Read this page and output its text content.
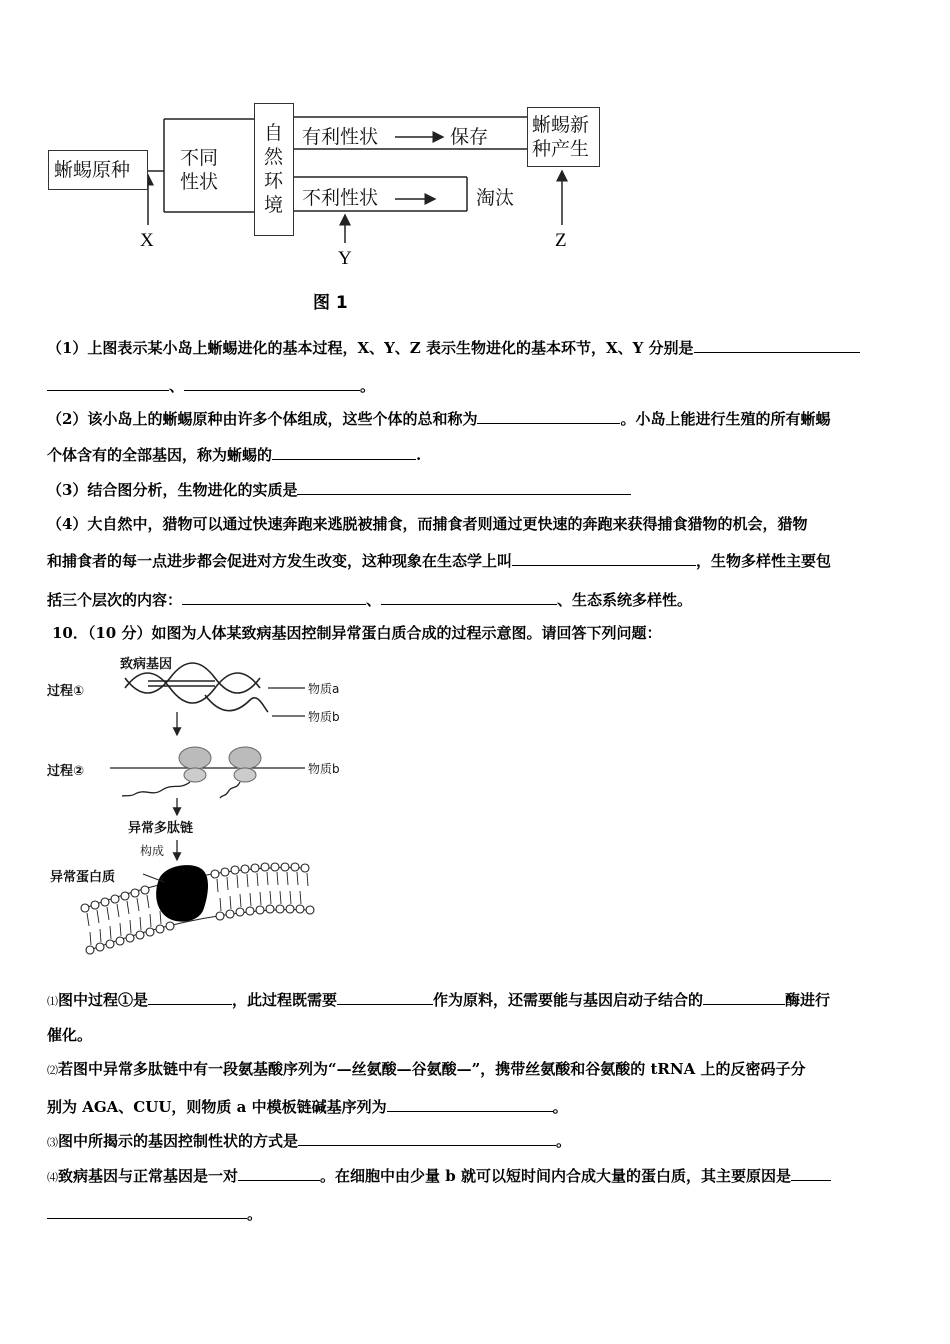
蜥蜴原种
不同
性状
自
然
环
境
有利性状	保存
不利性状	淘汰
蜥蜴新
种产生
X
Y
Z
图 1
（1）上图表示某小岛上蜥蜴进化的基本过程，X、Y、Z 表示生物进化的基本环节，X、Y 分别是
、	。
（2）该小岛上的蜥蜴原种由许多个体组成，这些个体的总和称为	。小岛上能进行生殖的所有蜥蜴
个体含有的全部基因，称为蜥蜴的	.
（3）结合图分析，生物进化的实质是
（4）大自然中，猎物可以通过快速奔跑来逃脱被捕食，而捕食者则通过更快速的奔跑来获得捕食猎物的机会，猎物
和捕食者的每一点进步都会促进对方发生改变，这种现象在生态学上叫	，生物多样性主要包
括三个层次的内容：	、	、生态系统多样性。
10．（10 分）如图为人体某致病基因控制异常蛋白质合成的过程示意图。请回答下列问题：
致病基因
过程①	物质a
物质b
过程②	物质b
异常多肽链
构成
异常蛋白质
⑴图中过程①是	，此过程既需要	作为原料，还需要能与基因启动子结合的	酶进行
催化。
⑵若图中异常多肽链中有一段氨基酸序列为“—丝氨酸—谷氨酸—”，携带丝氨酸和谷氨酸的 tRNA 上的反密码子分
别为 AGA、CUU，则物质 a 中模板链碱基序列为	。
⑶图中所揭示的基因控制性状的方式是	。
⑷致病基因与正常基因是一对	。在细胞中由少量 b 就可以短时间内合成大量的蛋白质，其主要原因是
。
